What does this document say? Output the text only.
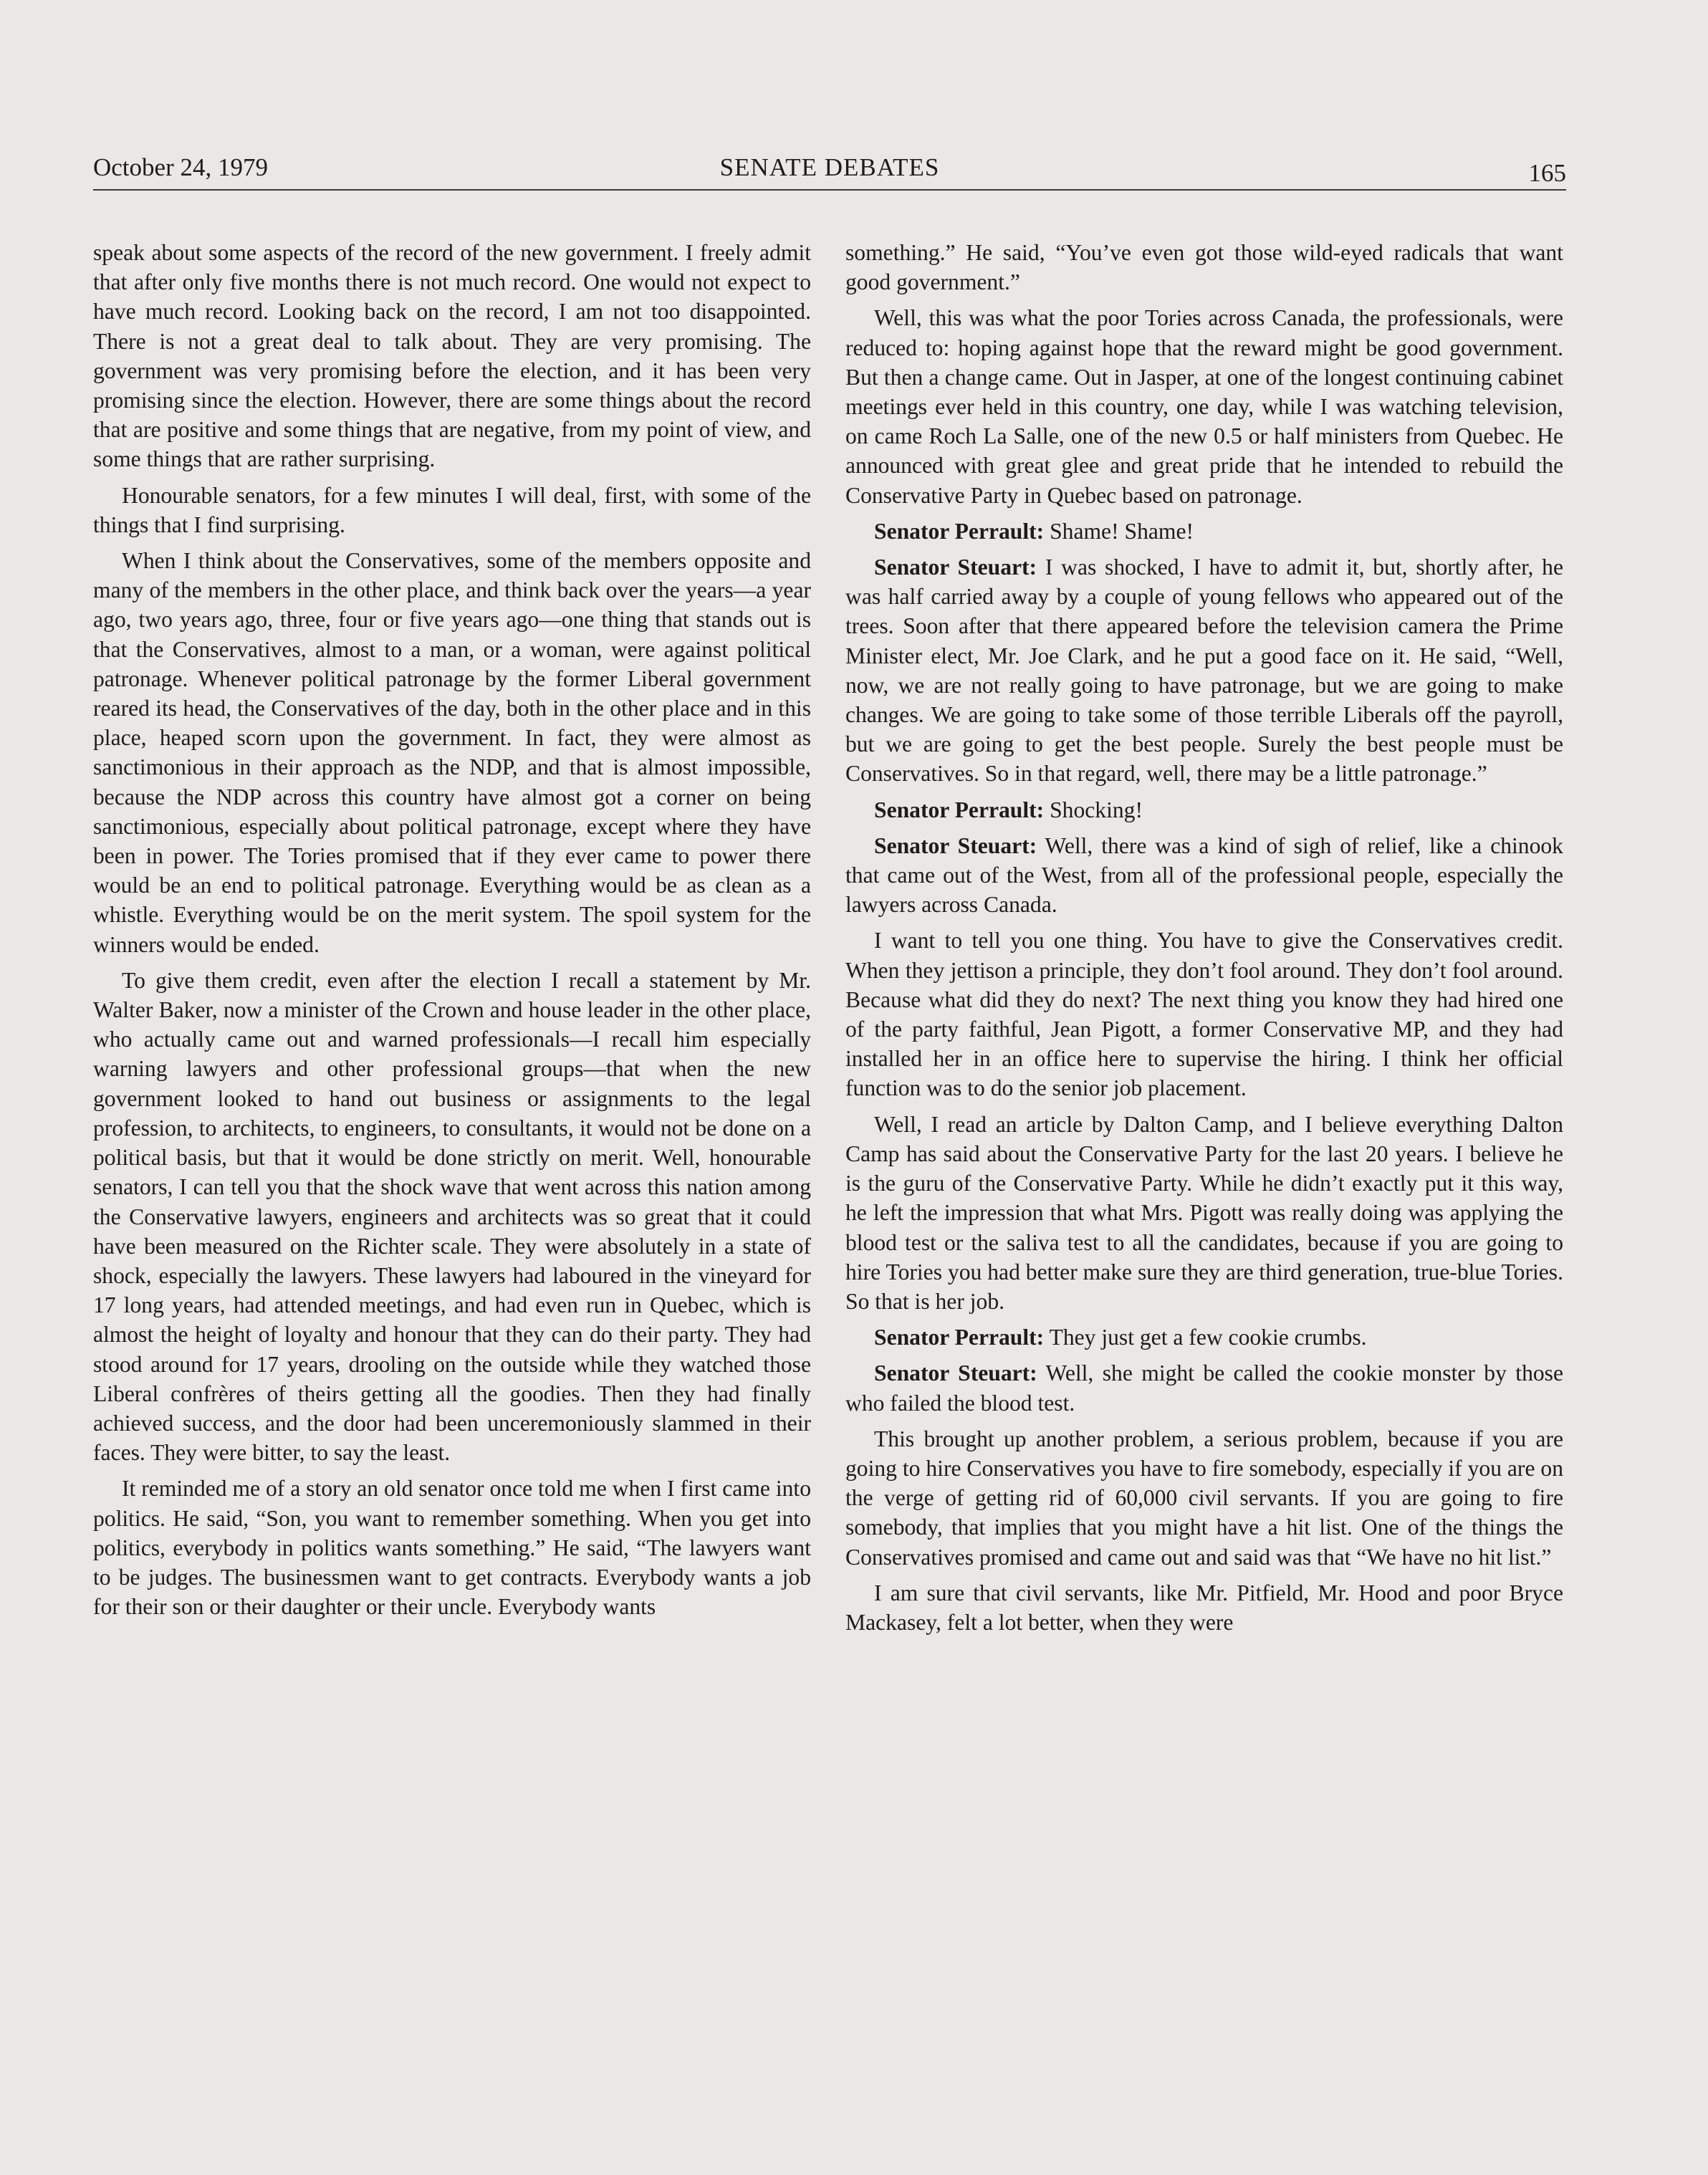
October 24, 1979	SENATE DEBATES	165

speak about some aspects of the record of the new government. I freely admit that after only five months there is not much record. One would not expect to have much record. Looking back on the record, I am not too disappointed. There is not a great deal to talk about. They are very promising. The government was very promising before the election, and it has been very promising since the election. However, there are some things about the record that are positive and some things that are negative, from my point of view, and some things that are rather surprising.

Honourable senators, for a few minutes I will deal, first, with some of the things that I find surprising.

When I think about the Conservatives, some of the members opposite and many of the members in the other place, and think back over the years—a year ago, two years ago, three, four or five years ago—one thing that stands out is that the Conservatives, almost to a man, or a woman, were against political patronage. Whenever political patronage by the former Liberal government reared its head, the Conservatives of the day, both in the other place and in this place, heaped scorn upon the government. In fact, they were almost as sanctimonious in their approach as the NDP, and that is almost impossible, because the NDP across this country have almost got a corner on being sanctimonious, especially about political patronage, except where they have been in power. The Tories promised that if they ever came to power there would be an end to political patronage. Everything would be as clean as a whistle. Everything would be on the merit system. The spoil system for the winners would be ended.

To give them credit, even after the election I recall a statement by Mr. Walter Baker, now a minister of the Crown and house leader in the other place, who actually came out and warned professionals—I recall him especially warning lawyers and other professional groups—that when the new government looked to hand out business or assignments to the legal profession, to architects, to engineers, to consultants, it would not be done on a political basis, but that it would be done strictly on merit. Well, honourable senators, I can tell you that the shock wave that went across this nation among the Conservative lawyers, engineers and architects was so great that it could have been measured on the Richter scale. They were absolutely in a state of shock, especially the lawyers. These lawyers had laboured in the vineyard for 17 long years, had attended meetings, and had even run in Quebec, which is almost the height of loyalty and honour that they can do their party. They had stood around for 17 years, drooling on the outside while they watched those Liberal confrères of theirs getting all the goodies. Then they had finally achieved success, and the door had been unceremoniously slammed in their faces. They were bitter, to say the least.

It reminded me of a story an old senator once told me when I first came into politics. He said, “Son, you want to remember something. When you get into politics, everybody in politics wants something.” He said, “The lawyers want to be judges. The businessmen want to get contracts. Everybody wants a job for their son or their daughter or their uncle. Everybody wants

something.” He said, “You’ve even got those wild-eyed radicals that want good government.”

Well, this was what the poor Tories across Canada, the professionals, were reduced to: hoping against hope that the reward might be good government. But then a change came. Out in Jasper, at one of the longest continuing cabinet meetings ever held in this country, one day, while I was watching television, on came Roch La Salle, one of the new 0.5 or half ministers from Quebec. He announced with great glee and great pride that he intended to rebuild the Conservative Party in Quebec based on patronage.

Senator Perrault: Shame! Shame!

Senator Steuart: I was shocked, I have to admit it, but, shortly after, he was half carried away by a couple of young fellows who appeared out of the trees. Soon after that there appeared before the television camera the Prime Minister elect, Mr. Joe Clark, and he put a good face on it. He said, “Well, now, we are not really going to have patronage, but we are going to make changes. We are going to take some of those terrible Liberals off the payroll, but we are going to get the best people. Surely the best people must be Conservatives. So in that regard, well, there may be a little patronage.”

Senator Perrault: Shocking!

Senator Steuart: Well, there was a kind of sigh of relief, like a chinook that came out of the West, from all of the professional people, especially the lawyers across Canada.

I want to tell you one thing. You have to give the Conservatives credit. When they jettison a principle, they don’t fool around. They don’t fool around. Because what did they do next? The next thing you know they had hired one of the party faithful, Jean Pigott, a former Conservative MP, and they had installed her in an office here to supervise the hiring. I think her official function was to do the senior job placement.

Well, I read an article by Dalton Camp, and I believe everything Dalton Camp has said about the Conservative Party for the last 20 years. I believe he is the guru of the Conservative Party. While he didn’t exactly put it this way, he left the impression that what Mrs. Pigott was really doing was applying the blood test or the saliva test to all the candidates, because if you are going to hire Tories you had better make sure they are third generation, true-blue Tories. So that is her job.

Senator Perrault: They just get a few cookie crumbs.

Senator Steuart: Well, she might be called the cookie monster by those who failed the blood test.

This brought up another problem, a serious problem, because if you are going to hire Conservatives you have to fire somebody, especially if you are on the verge of getting rid of 60,000 civil servants. If you are going to fire somebody, that implies that you might have a hit list. One of the things the Conservatives promised and came out and said was that “We have no hit list.”

I am sure that civil servants, like Mr. Pitfield, Mr. Hood and poor Bryce Mackasey, felt a lot better, when they were
